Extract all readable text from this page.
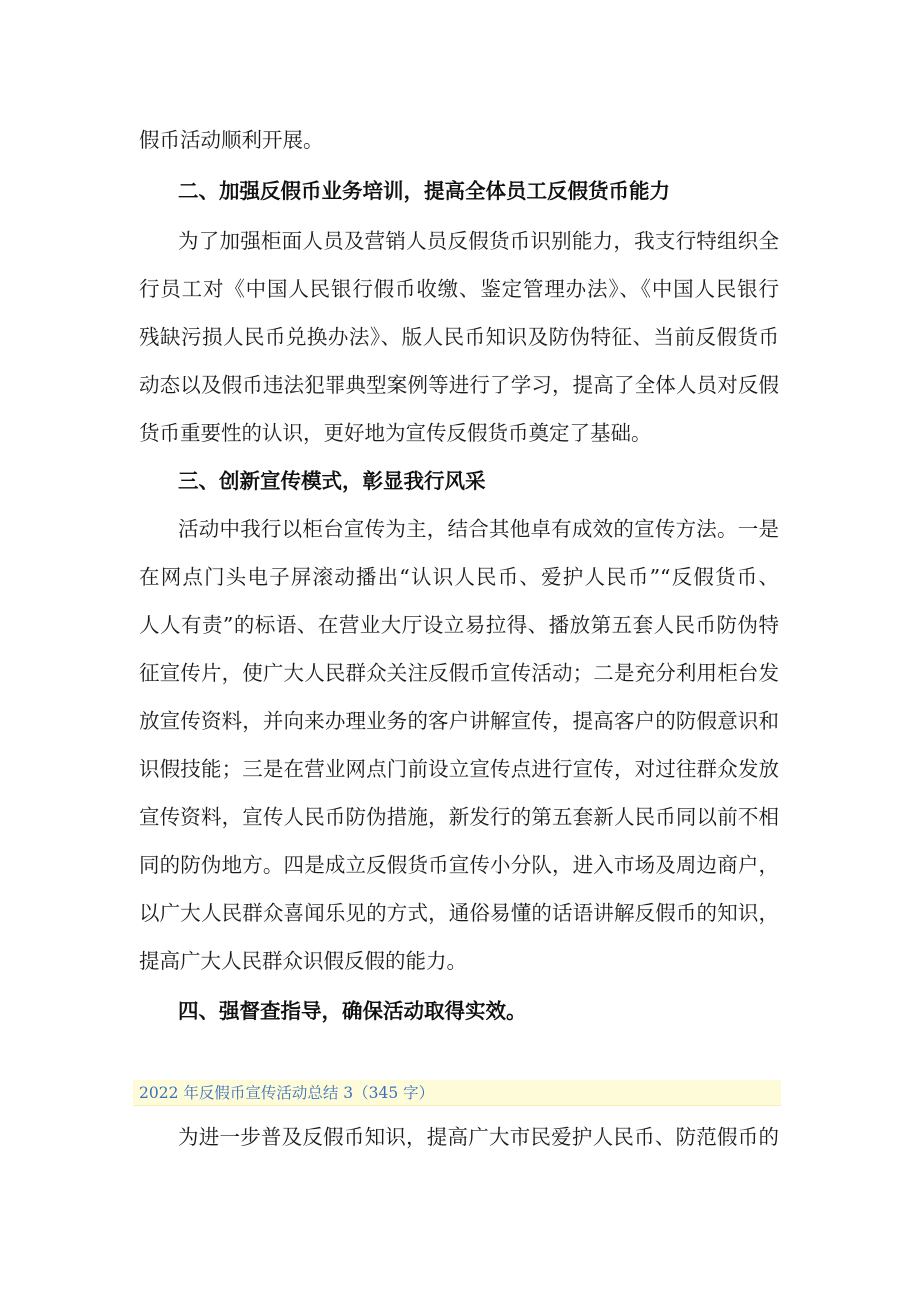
假币活动顺利开展。
二、加强反假币业务培训，提高全体员工反假货币能力
为了加强柜面人员及营销人员反假货币识别能力，我支行特组织全
行员工对《中国人民银行假币收缴、鉴定管理办法》、《中国人民银行
残缺污损人民币兑换办法》、版人民币知识及防伪特征、当前反假货币
动态以及假币违法犯罪典型案例等进行了学习，提高了全体人员对反假
货币重要性的认识，更好地为宣传反假货币奠定了基础。
三、创新宣传模式，彰显我行风采
活动中我行以柜台宣传为主，结合其他卓有成效的宣传方法。一是
在网点门头电子屏滚动播出“认识人民币、爱护人民币”“反假货币、
人人有责”的标语、在营业大厅设立易拉得、播放第五套人民币防伪特
征宣传片，使广大人民群众关注反假币宣传活动；二是充分利用柜台发
放宣传资料，并向来办理业务的客户讲解宣传，提高客户的防假意识和
识假技能；三是在营业网点门前设立宣传点进行宣传，对过往群众发放
宣传资料，宣传人民币防伪措施，新发行的第五套新人民币同以前不相
同的防伪地方。四是成立反假货币宣传小分队，进入市场及周边商户，
以广大人民群众喜闻乐见的方式，通俗易懂的话语讲解反假币的知识，
提高广大人民群众识假反假的能力。
四、强督查指导，确保活动取得实效。
2022 年反假币宣传活动总结 3（345 字）
为进一步普及反假币知识，提高广大市民爱护人民币、防范假币的
